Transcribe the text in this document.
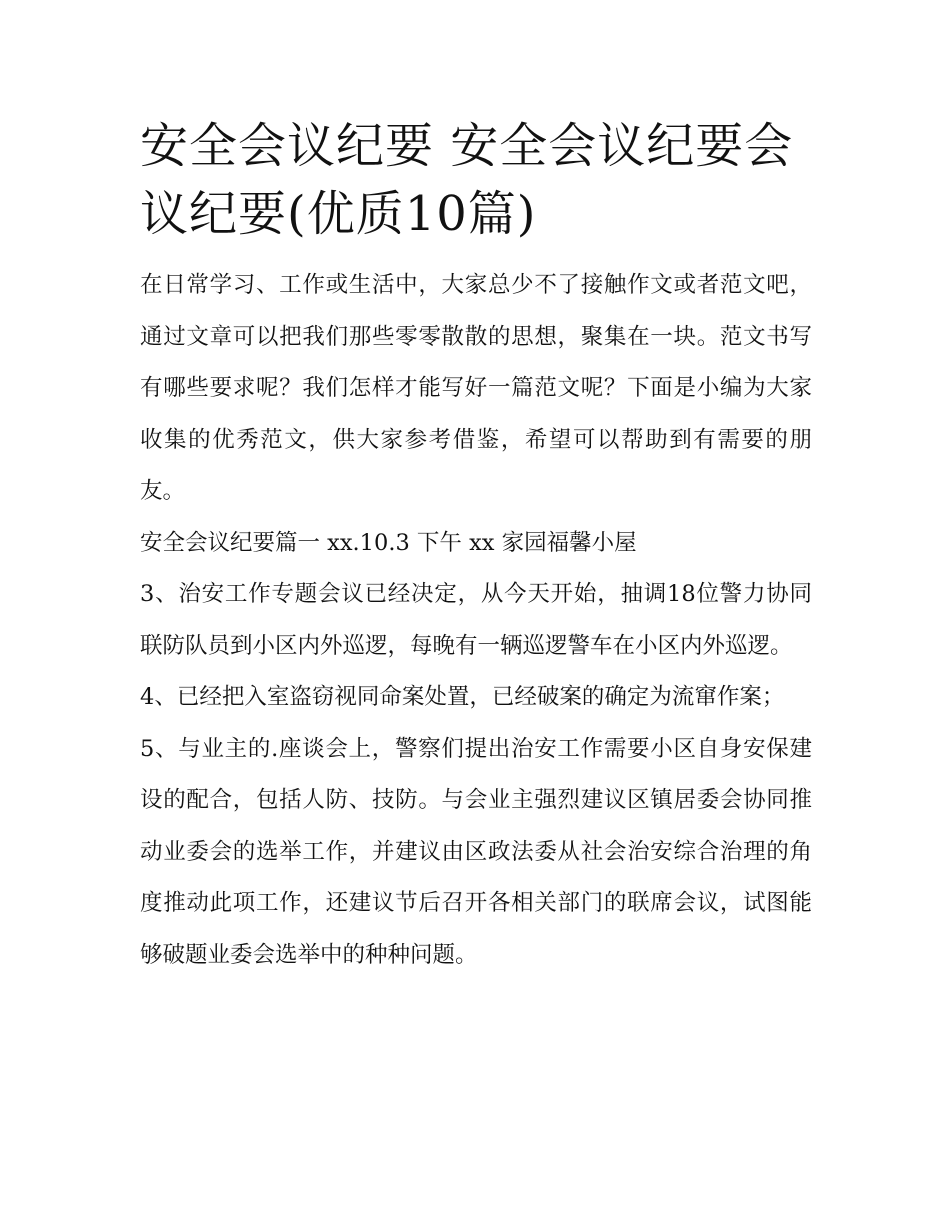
安全会议纪要 安全会议纪要会议纪要(优质10篇)

在日常学习、工作或生活中，大家总少不了接触作文或者范文吧，通过文章可以把我们那些零零散散的思想，聚集在一块。范文书写有哪些要求呢？我们怎样才能写好一篇范文呢？下面是小编为大家收集的优秀范文，供大家参考借鉴，希望可以帮助到有需要的朋友。

安全会议纪要篇一 xx.10.3 下午 xx 家园福馨小屋

3、治安工作专题会议已经决定，从今天开始，抽调18位警力协同联防队员到小区内外巡逻，每晚有一辆巡逻警车在小区内外巡逻。

4、已经把入室盗窃视同命案处置，已经破案的确定为流窜作案；

5、与业主的.座谈会上，警察们提出治安工作需要小区自身安保建设的配合，包括人防、技防。与会业主强烈建议区镇居委会协同推动业委会的选举工作，并建议由区政法委从社会治安综合治理的角度推动此项工作，还建议节后召开各相关部门的联席会议，试图能够破题业委会选举中的种种问题。
